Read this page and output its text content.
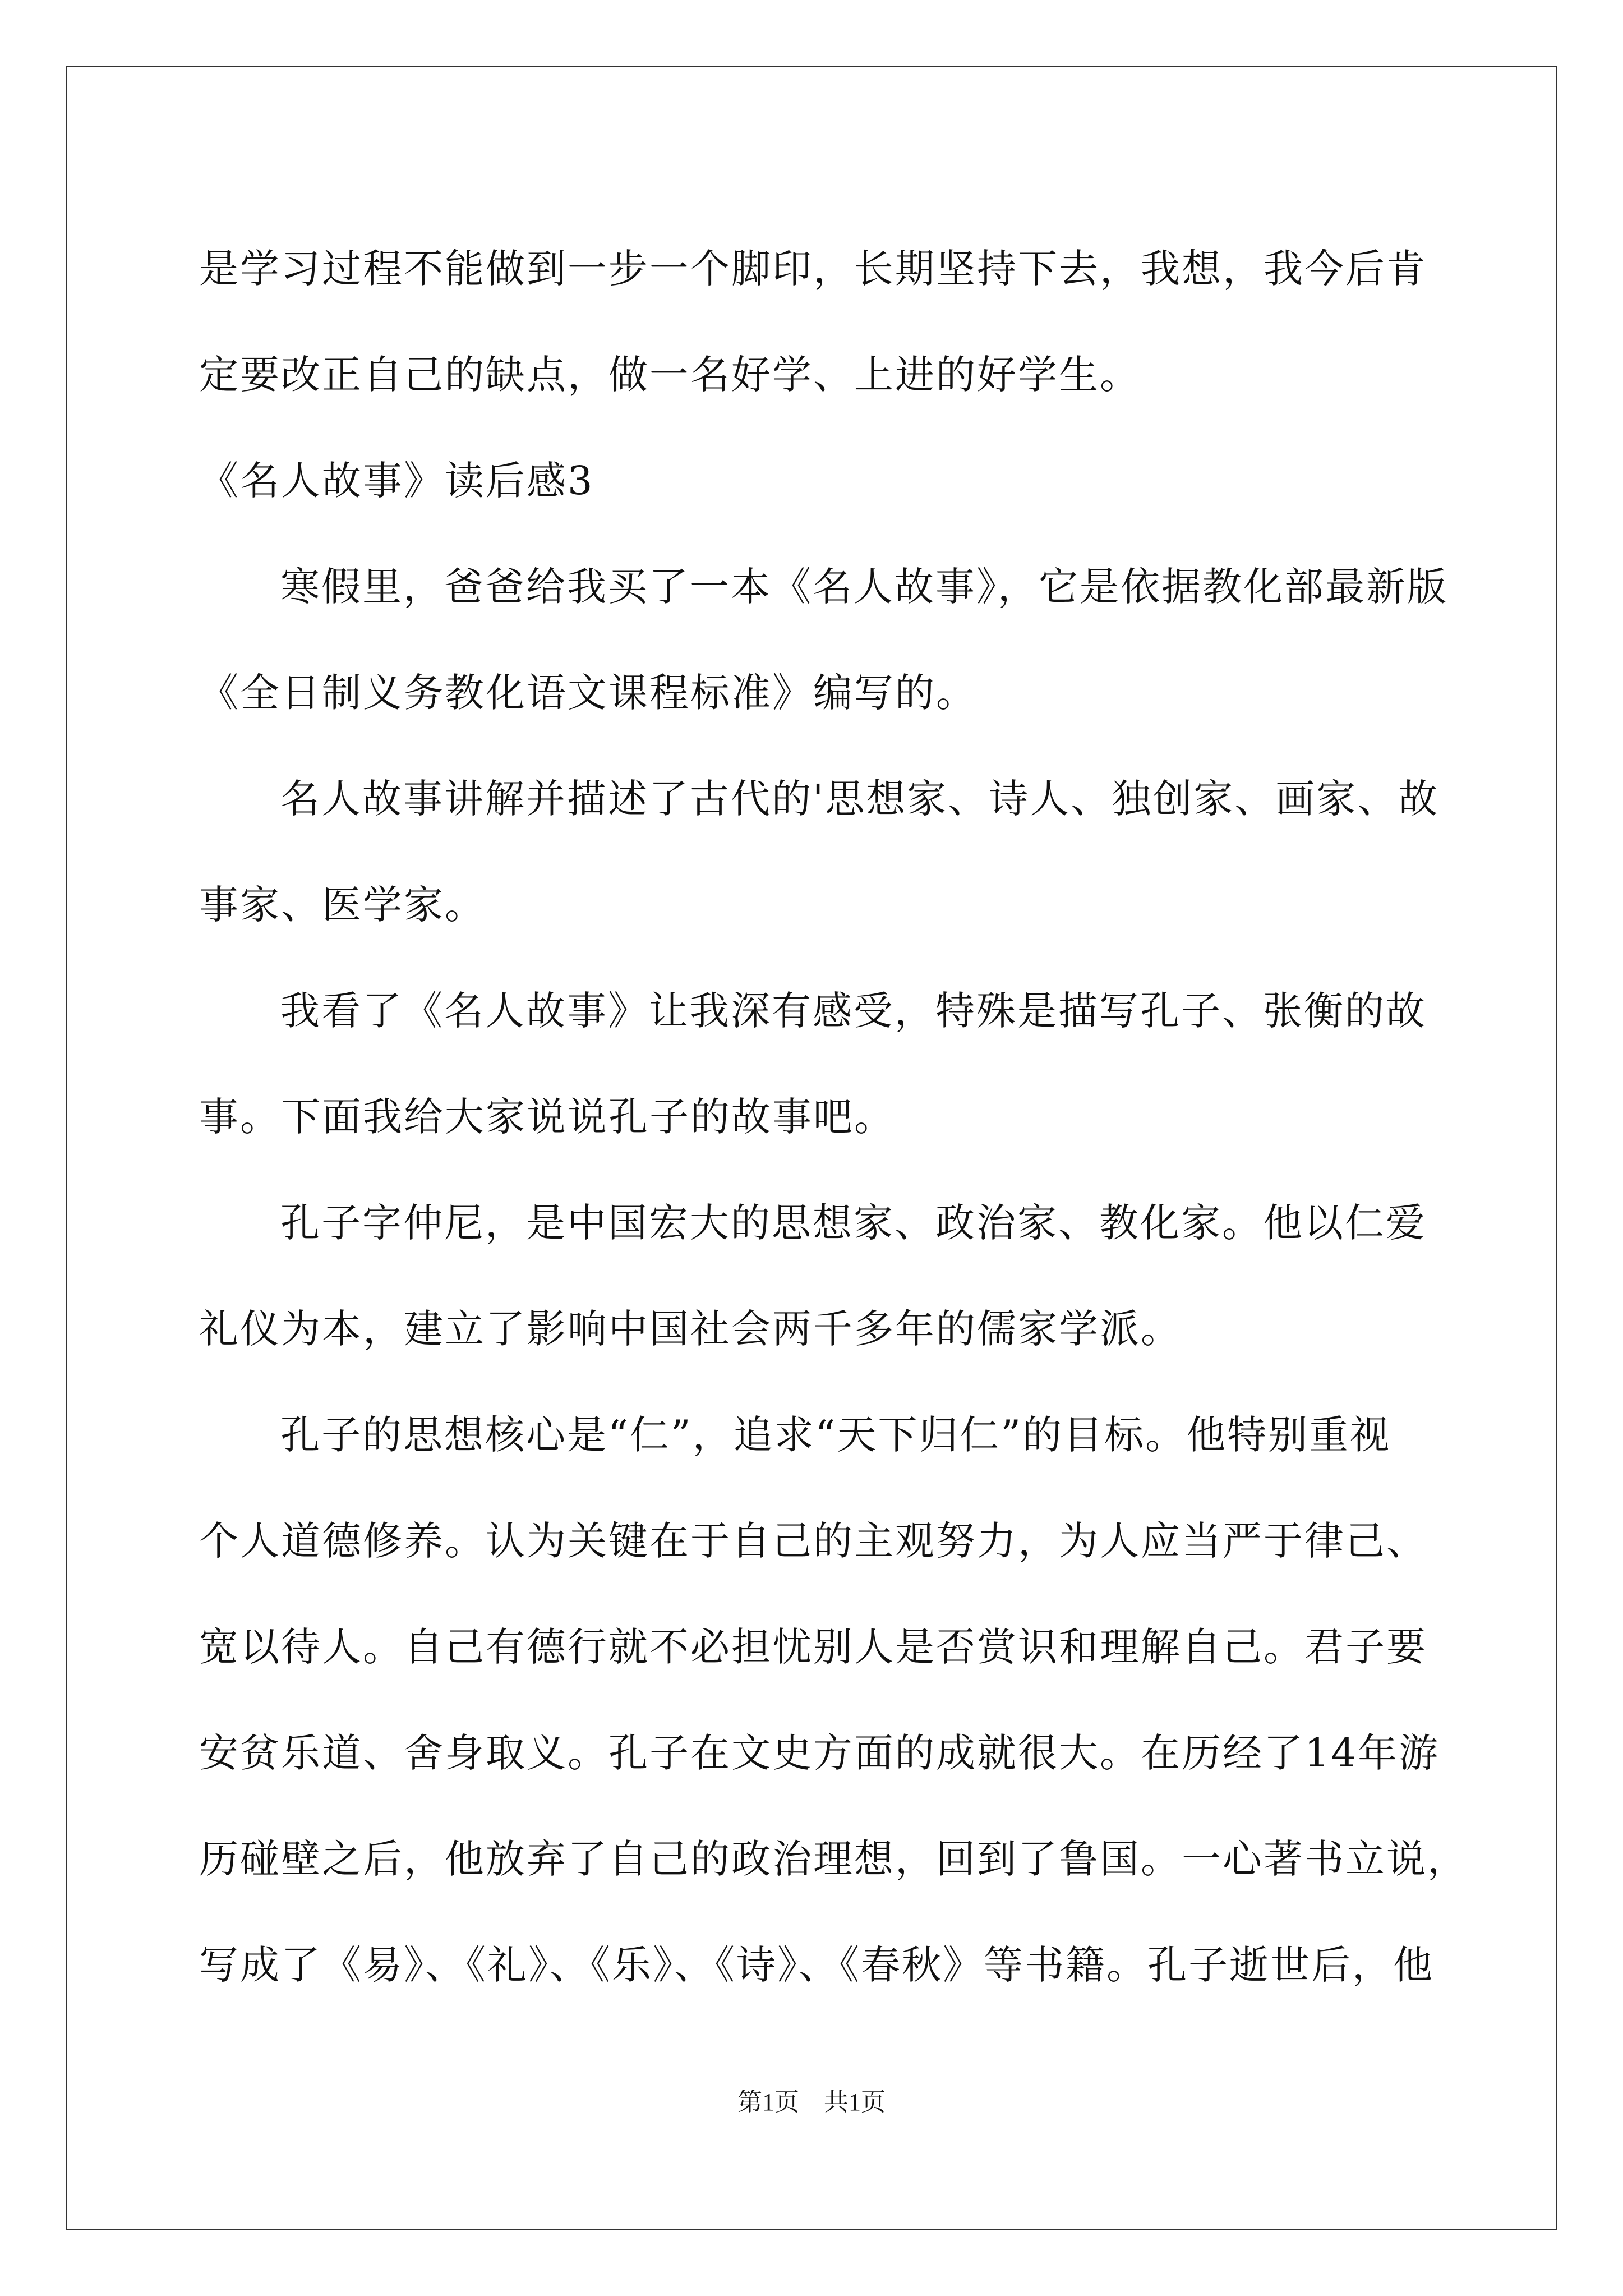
是学习过程不能做到一步一个脚印，长期坚持下去，我想，我今后肯
定要改正自己的缺点，做一名好学、上进的好学生。
《名人故事》读后感3
寒假里，爸爸给我买了一本《名人故事》，它是依据教化部最新版
《全日制义务教化语文课程标准》编写的。
名人故事讲解并描述了古代的'思想家、诗人、独创家、画家、故
事家、医学家。
我看了《名人故事》让我深有感受，特殊是描写孔子、张衡的故
事。下面我给大家说说孔子的故事吧。
孔子字仲尼，是中国宏大的思想家、政治家、教化家。他以仁爱
礼仪为本，建立了影响中国社会两千多年的儒家学派。
孔子的思想核心是“仁”，追求“天下归仁”的目标。他特别重视
个人道德修养。认为关键在于自己的主观努力，为人应当严于律己、
宽以待人。自己有德行就不必担忧别人是否赏识和理解自己。君子要
安贫乐道、舍身取义。孔子在文史方面的成就很大。在历经了14年游
历碰壁之后，他放弃了自己的政治理想，回到了鲁国。一心著书立说，
写成了《易》、《礼》、《乐》、《诗》、《春秋》等书籍。孔子逝世后，他
第1页　共1页
